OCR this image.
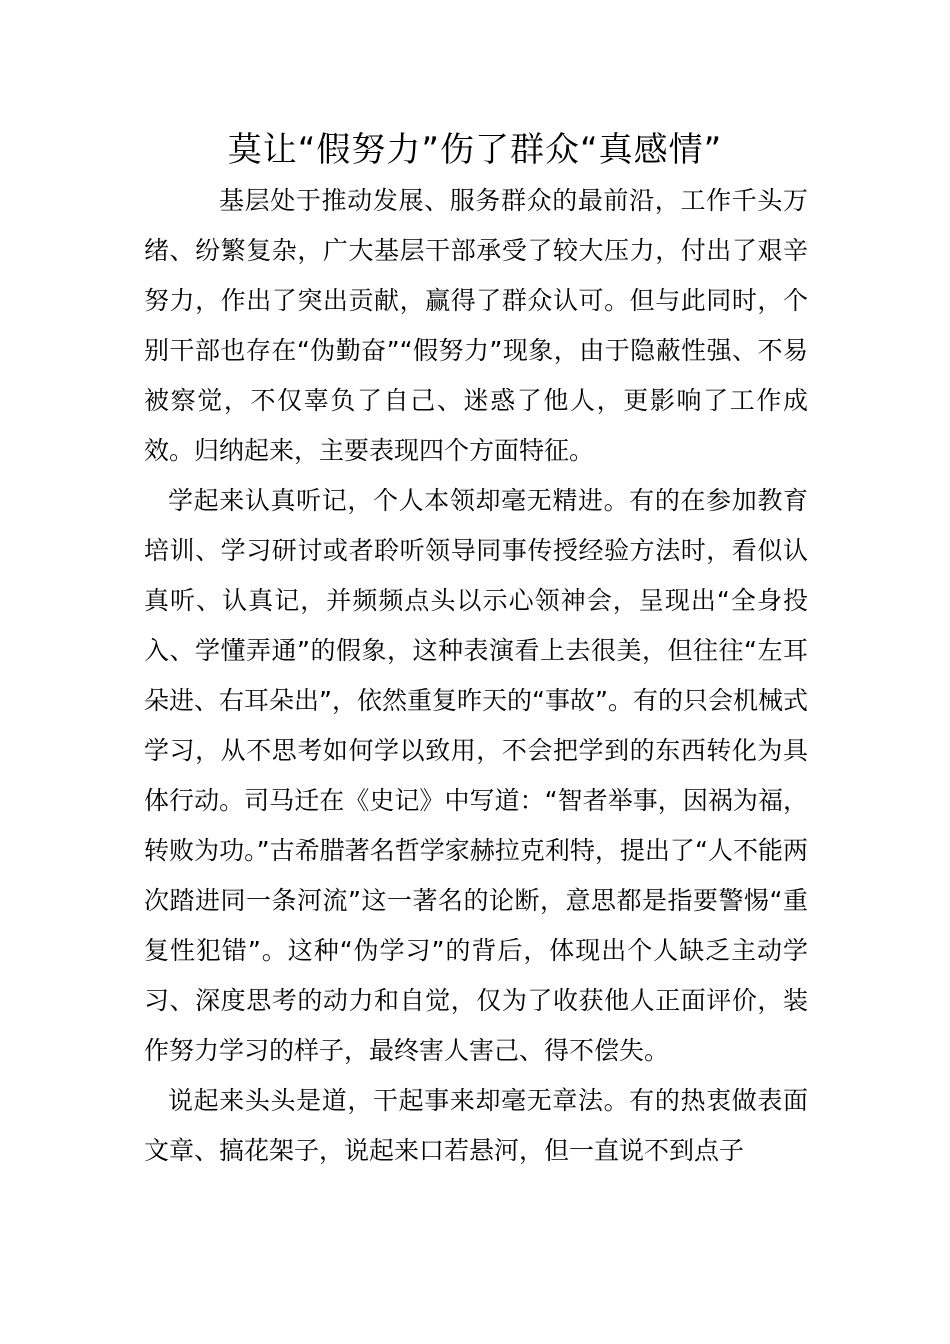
莫让“假努力”伤了群众“真感情”

基层处于推动发展、服务群众的最前沿，工作千头万绪、纷繁复杂，广大基层干部承受了较大压力，付出了艰辛努力，作出了突出贡献，赢得了群众认可。但与此同时，个别干部也存在“伪勤奋”“假努力”现象，由于隐蔽性强、不易被察觉，不仅辜负了自己、迷惑了他人，更影响了工作成效。归纳起来，主要表现四个方面特征。

学起来认真听记，个人本领却毫无精进。有的在参加教育培训、学习研讨或者聆听领导同事传授经验方法时，看似认真听、认真记，并频频点头以示心领神会，呈现出“全身投入、学懂弄通”的假象，这种表演看上去很美，但往往“左耳朵进、右耳朵出”，依然重复昨天的“事故”。有的只会机械式学习，从不思考如何学以致用，不会把学到的东西转化为具体行动。司马迁在《史记》中写道：“智者举事，因祸为福，转败为功。”古希腊著名哲学家赫拉克利特，提出了“人不能两次踏进同一条河流”这一著名的论断，意思都是指要警惕“重复性犯错”。这种“伪学习”的背后，体现出个人缺乏主动学习、深度思考的动力和自觉，仅为了收获他人正面评价，装作努力学习的样子，最终害人害己、得不偿失。

说起来头头是道，干起事来却毫无章法。有的热衷做表面文章、搞花架子，说起来口若悬河，但一直说不到点子
